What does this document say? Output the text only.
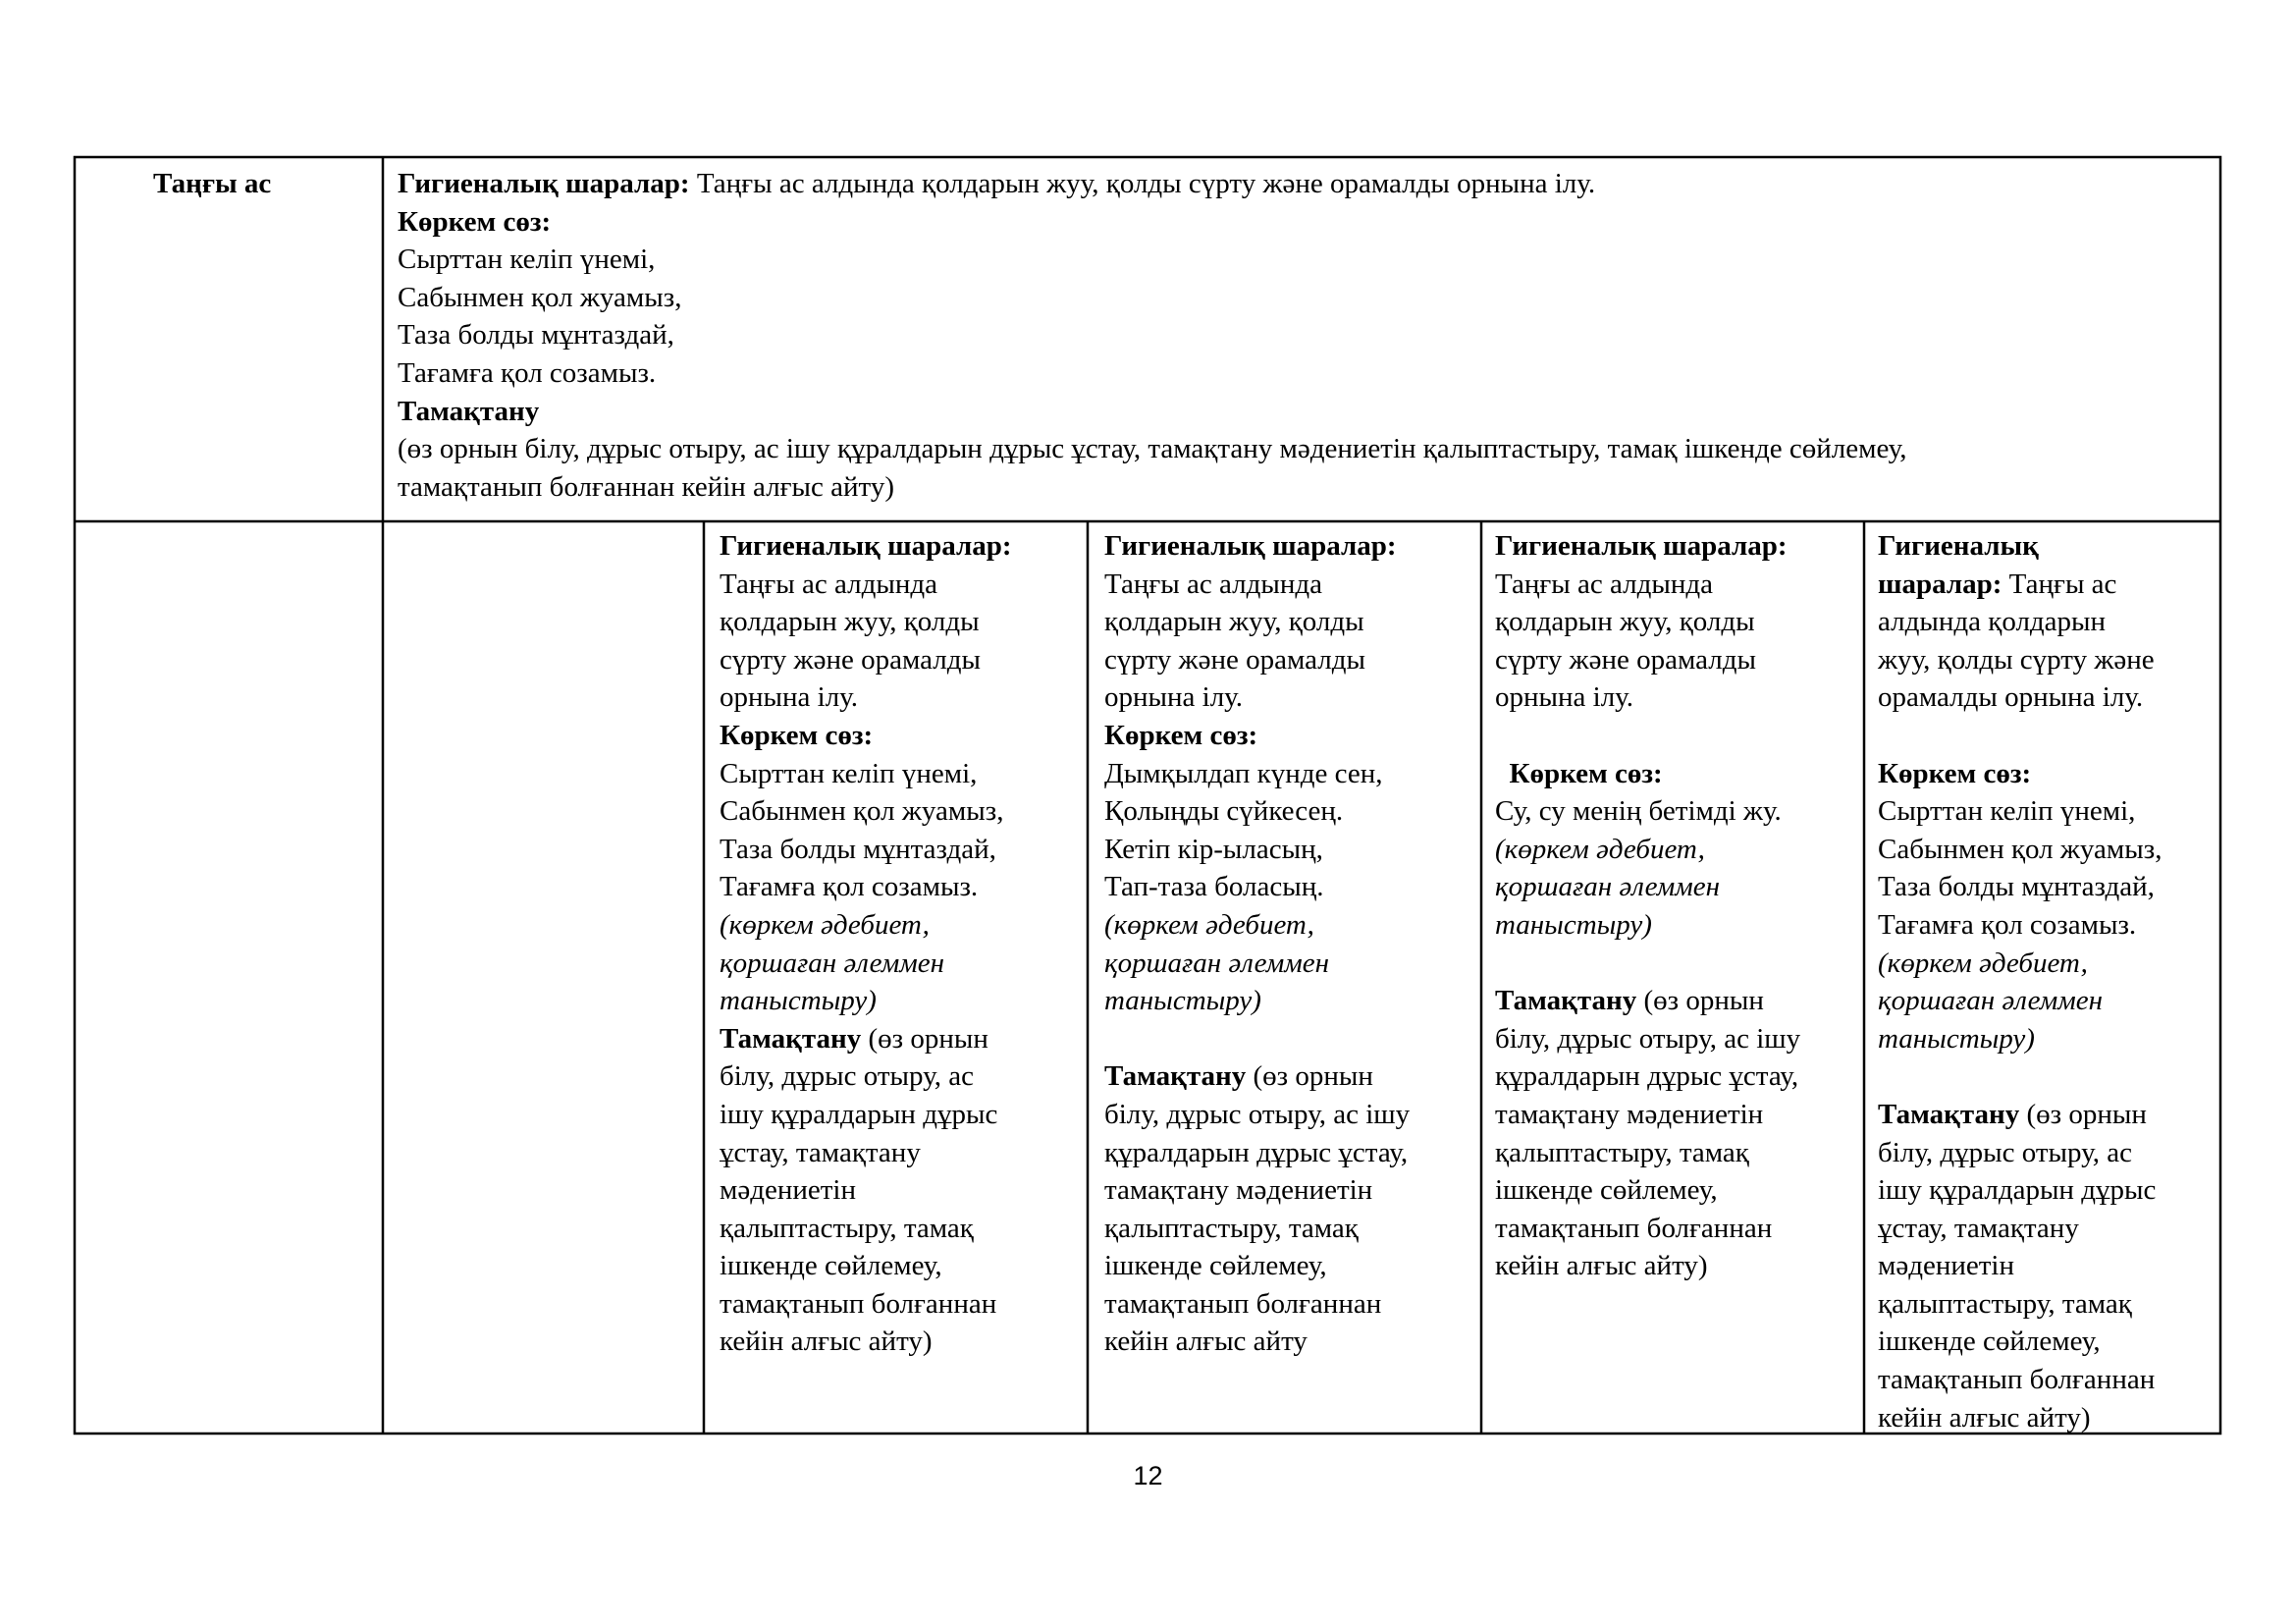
Таңғы ас	Гигиеналық шаралар: Таңғы ас алдында қолдарын жуу, қолды сүрту және орамалды орнына ілу.
Көркем сөз:
Сырттан келіп үнемі,
Сабынмен қол жуамыз,
Таза болды мұнтаздай,
Тағамға қол созамыз.
Тамақтану
(өз орнын білу, дұрыс отыру, ас ішу құралдарын дұрыс ұстау, тамақтану мәдениетін қалыптастыру, тамақ ішкенде сөйлемеу,
тамақтанып болғаннан кейін алғыс айту)
Гигиеналық шаралар:
Таңғы ас алдында
қолдарын жуу, қолды
сүрту және орамалды
орнына ілу.
Көркем сөз:
Сырттан келіп үнемі,
Сабынмен қол жуамыз,
Таза болды мұнтаздай,
Тағамға қол созамыз.
(көркем әдебиет,
қоршаған әлеммен
таныстыру)
Тамақтану (өз орнын
білу, дұрыс отыру, ас
ішу құралдарын дұрыс
ұстау, тамақтану
мәдениетін
қалыптастыру, тамақ
ішкенде сөйлемеу,
тамақтанып болғаннан
кейін алғыс айту)
Гигиеналық шаралар:
Таңғы ас алдында
қолдарын жуу, қолды
сүрту және орамалды
орнына ілу.
Көркем сөз:
Дымқылдап күнде сен,
Қолыңды сүйкесең.
Кетіп кір-ыласың,
Тап-таза боласың.
(көркем әдебиет,
қоршаған әлеммен
таныстыру)
Тамақтану (өз орнын
білу, дұрыс отыру, ас ішу
құралдарын дұрыс ұстау,
тамақтану мәдениетін
қалыптастыру, тамақ
ішкенде сөйлемеу,
тамақтанып болғаннан
кейін алғыс айту
Гигиеналық шаралар:
Таңғы ас алдында
қолдарын жуу, қолды
сүрту және орамалды
орнына ілу.
Көркем сөз:
Су, су менің бетімді жу.
(көркем әдебиет,
қоршаған әлеммен
таныстыру)
Тамақтану (өз орнын
білу, дұрыс отыру, ас ішу
құралдарын дұрыс ұстау,
тамақтану мәдениетін
қалыптастыру, тамақ
ішкенде сөйлемеу,
тамақтанып болғаннан
кейін алғыс айту)
Гигиеналық
шаралар: Таңғы ас
алдында қолдарын
жуу, қолды сүрту және
орамалды орнына ілу.
Көркем сөз:
Сырттан келіп үнемі,
Сабынмен қол жуамыз,
Таза болды мұнтаздай,
Тағамға қол созамыз.
(көркем әдебиет,
қоршаған әлеммен
таныстыру)
Тамақтану (өз орнын
білу, дұрыс отыру, ас
ішу құралдарын дұрыс
ұстау, тамақтану
мәдениетін
қалыптастыру, тамақ
ішкенде сөйлемеу,
тамақтанып болғаннан
кейін алғыс айту)
12
